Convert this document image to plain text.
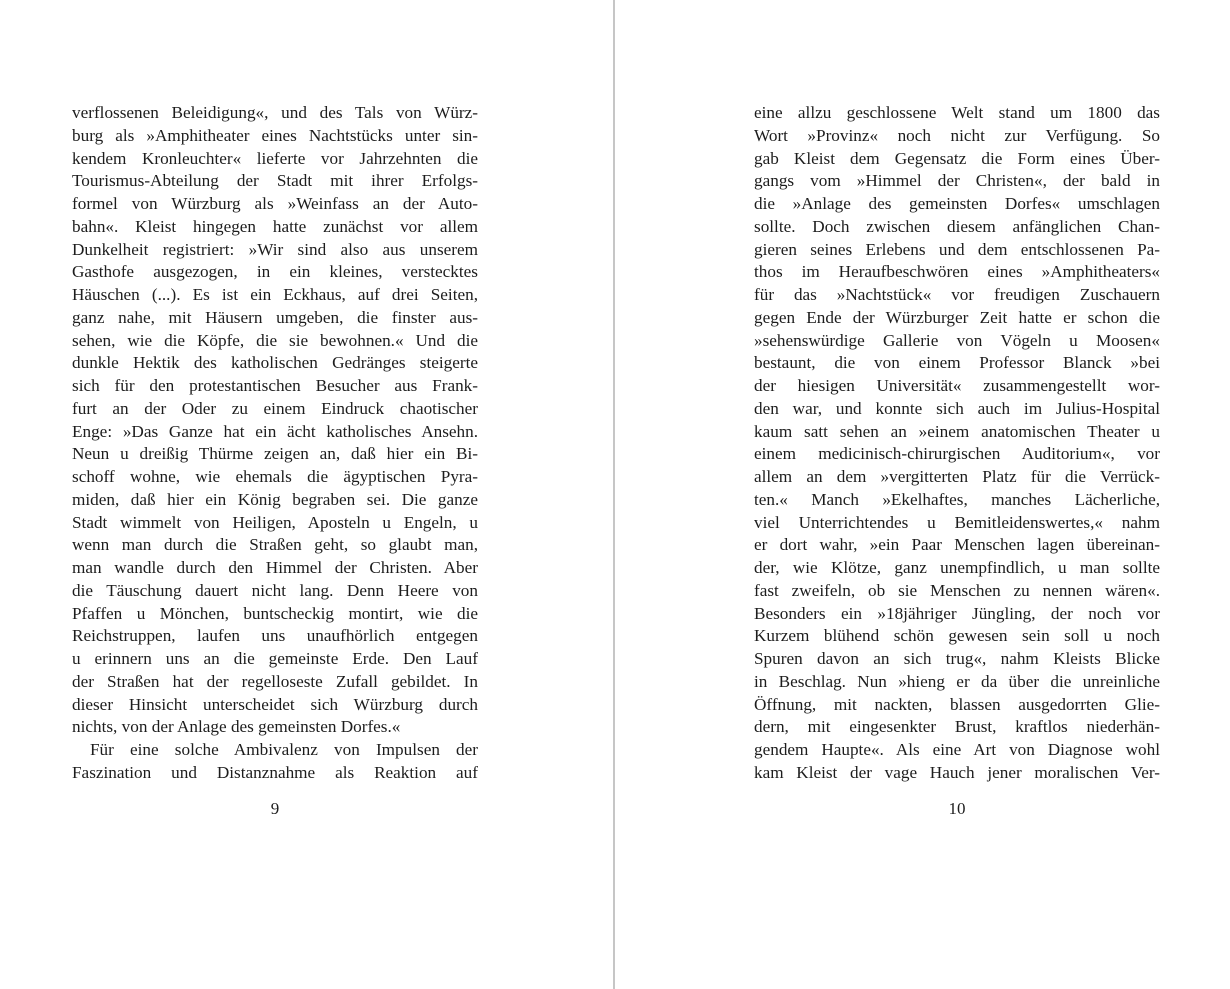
verflossenen Beleidigung«, und des Tals von Würz-
burg als »Amphitheater eines Nachtstücks unter sin-
kendem Kronleuchter« lieferte vor Jahrzehnten die
Tourismus-Abteilung der Stadt mit ihrer Erfolgs-
formel von Würzburg als »Weinfass an der Auto-
bahn«. Kleist hingegen hatte zunächst vor allem
Dunkelheit registriert: »Wir sind also aus unserem
Gasthofe ausgezogen, in ein kleines, verstecktes
Häuschen (...). Es ist ein Eckhaus, auf drei Seiten,
ganz nahe, mit Häusern umgeben, die finster aus-
sehen, wie die Köpfe, die sie bewohnen.« Und die
dunkle Hektik des katholischen Gedränges steigerte
sich für den protestantischen Besucher aus Frank-
furt an der Oder zu einem Eindruck chaotischer
Enge: »Das Ganze hat ein ächt katholisches Ansehn.
Neun u dreißig Thürme zeigen an, daß hier ein Bi-
schoff wohne, wie ehemals die ägyptischen Pyra-
miden, daß hier ein König begraben sei. Die ganze
Stadt wimmelt von Heiligen, Aposteln u Engeln, u
wenn man durch die Straßen geht, so glaubt man,
man wandle durch den Himmel der Christen. Aber
die Täuschung dauert nicht lang. Denn Heere von
Pfaffen u Mönchen, buntscheckig montirt, wie die
Reichstruppen, laufen uns unaufhörlich entgegen
u erinnern uns an die gemeinste Erde. Den Lauf
der Straßen hat der regelloseste Zufall gebildet. In
dieser Hinsicht unterscheidet sich Würzburg durch
nichts, von der Anlage des gemeinsten Dorfes.«
Für eine solche Ambivalenz von Impulsen der
Faszination und Distanznahme als Reaktion auf
9
eine allzu geschlossene Welt stand um 1800 das
Wort »Provinz« noch nicht zur Verfügung. So
gab Kleist dem Gegensatz die Form eines Über-
gangs vom »Himmel der Christen«, der bald in
die »Anlage des gemeinsten Dorfes« umschlagen
sollte. Doch zwischen diesem anfänglichen Chan-
gieren seines Erlebens und dem entschlossenen Pa-
thos im Heraufbeschwören eines »Amphitheaters«
für das »Nachtstück« vor freudigen Zuschauern
gegen Ende der Würzburger Zeit hatte er schon die
»sehenswürdige Gallerie von Vögeln u Moosen«
bestaunt, die von einem Professor Blanck »bei
der hiesigen Universität« zusammengestellt wor-
den war, und konnte sich auch im Julius-Hospital
kaum satt sehen an »einem anatomischen Theater u
einem medicinisch-chirurgischen Auditorium«, vor
allem an dem »vergitterten Platz für die Verrück-
ten.« Manch »Ekelhaftes, manches Lächerliche,
viel Unterrichtendes u Bemitleidenswertes,« nahm
er dort wahr, »ein Paar Menschen lagen übereinan-
der, wie Klötze, ganz unempfindlich, u man sollte
fast zweifeln, ob sie Menschen zu nennen wären«.
Besonders ein »18jähriger Jüngling, der noch vor
Kurzem blühend schön gewesen sein soll u noch
Spuren davon an sich trug«, nahm Kleists Blicke
in Beschlag. Nun »hieng er da über die unreinliche
Öffnung, mit nackten, blassen ausgedorrten Glie-
dern, mit eingesenkter Brust, kraftlos niederhän-
gendem Haupte«. Als eine Art von Diagnose wohl
kam Kleist der vage Hauch jener moralischen Ver-
10
